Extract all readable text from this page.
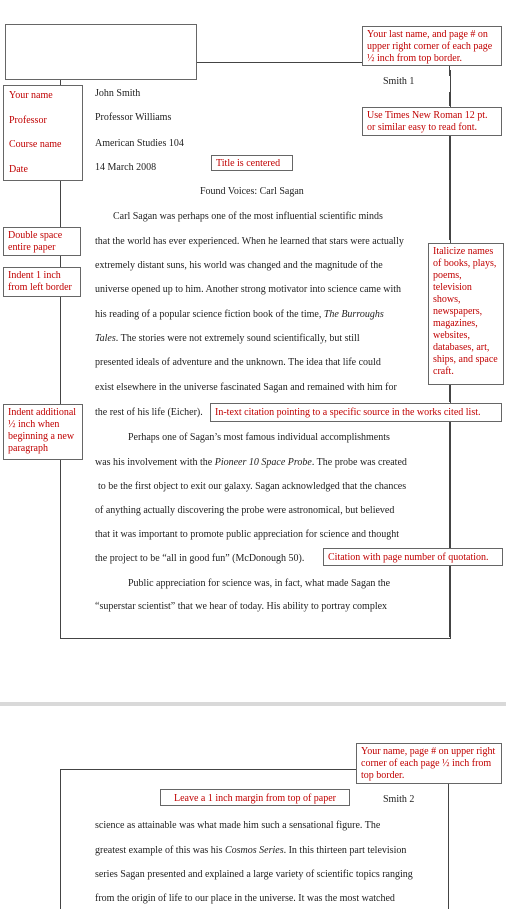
Your last name, and page # on upper right corner of each page ½ inch from top border.
Your name
Professor
Course name
Date
Use Times New Roman 12 pt. or similar easy to read font.
Title is centered
Double space entire paper
Indent 1 inch from left border
Italicize names of books, plays, poems, television shows, newspapers, magazines, websites, databases, art, ships, and space craft.
Indent additional ½ inch when beginning a new paragraph
In-text citation pointing to a specific source in the works cited list.
Citation with page number of quotation.
Smith 1
John Smith
Professor Williams
American Studies 104
14 March 2008
Found Voices: Carl Sagan
Carl Sagan was perhaps one of the most influential scientific minds
that the world has ever experienced. When he learned that stars were actually
extremely distant suns, his world was changed and the magnitude of the
universe opened up to him. Another strong motivator into science came with
his reading of a popular science fiction book of the time, The Burroughs
Tales. The stories were not extremely sound scientifically, but still
presented ideals of adventure and the unknown. The idea that life could
exist elsewhere in the universe fascinated Sagan and remained with him for
the rest of his life (Eicher).
Perhaps one of Sagan’s most famous individual accomplishments
was his involvement with the Pioneer 10 Space Probe. The probe was created
to be the first object to exit our galaxy. Sagan acknowledged that the chances
of anything actually discovering the probe were astronomical, but believed
that it was important to promote public appreciation for science and thought
the project to be “all in good fun” (McDonough 50).
Public appreciation for science was, in fact, what made Sagan the
“superstar scientist” that we hear of today. His ability to portray complex
Your name, page # on upper right corner of each page ½ inch from top border.
Leave a 1 inch margin from top of paper	Smith 2
science as attainable was what made him such a sensational figure. The
greatest example of this was his Cosmos Series. In this thirteen part television
series Sagan presented and explained a large variety of scientific topics ranging
from the origin of life to our place in the universe. It was the most watched
